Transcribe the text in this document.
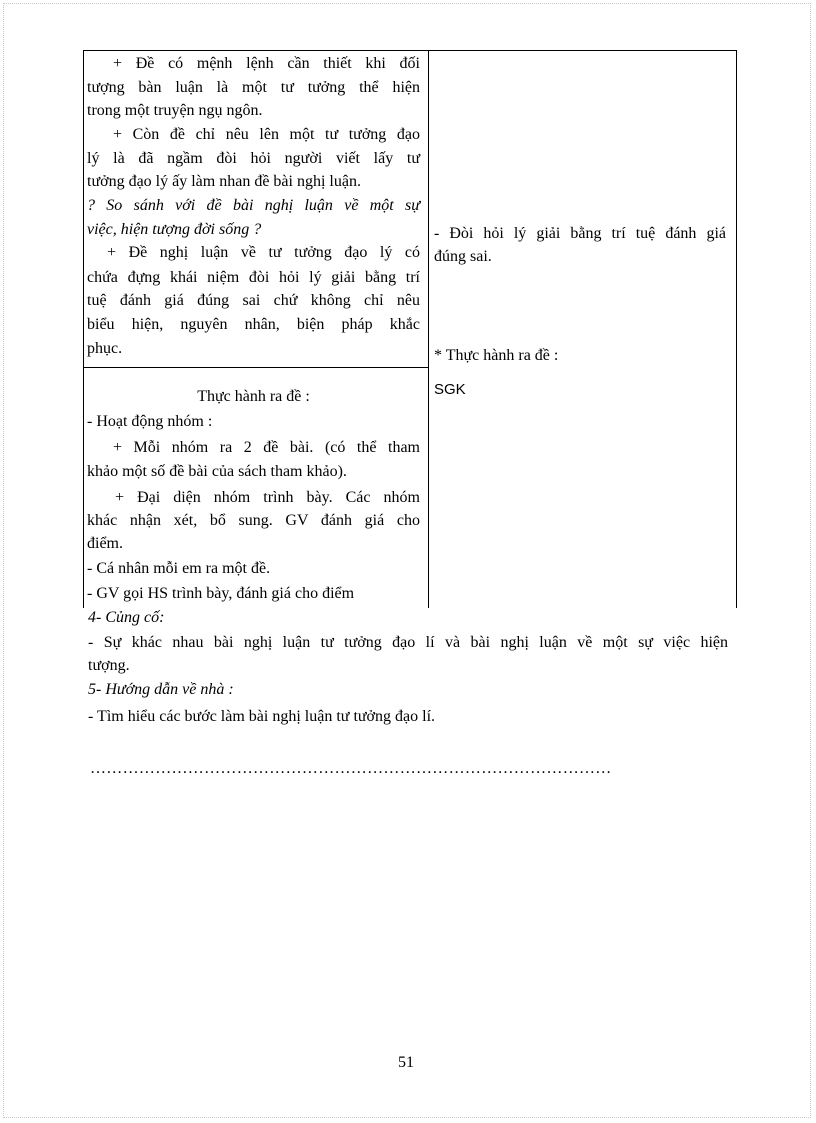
+ Đề có mệnh lệnh cần thiết khi đối
tượng bàn luận là một tư tưởng thể hiện
trong một truyện ngụ ngôn.
+ Còn đề chỉ nêu lên một tư tưởng đạo
lý là đã ngầm đòi hỏi người viết lấy tư
tưởng đạo lý ấy làm nhan đề bài nghị luận.
? So sánh với đề bài nghị luận về một sự
việc, hiện tượng đời sống ?
+ Đề nghị luận về tư tưởng đạo lý có
chứa đựng khái niệm đòi hỏi lý giải bằng trí
tuệ đánh giá đúng sai chứ không chỉ nêu
biểu hiện, nguyên nhân, biện pháp khắc
phục.
Thực hành ra đề :
- Hoạt động nhóm :
+ Mỗi nhóm ra 2 đề bài. (có thể tham
khảo một số đề bài của sách tham khảo).
+ Đại diện nhóm trình bày. Các nhóm
khác nhận xét, bổ sung. GV đánh giá cho
điểm.
- Cá nhân mỗi em ra một đề.
- GV gọi HS trình bày, đánh giá cho điểm
- Đòi hỏi lý giải bằng trí tuệ đánh giá
đúng sai.
* Thực hành ra đề :
SGK
4- Củng cố:
- Sự khác nhau bài nghị luận tư tưởng đạo lí và bài nghị luận về một sự việc hiện
tượng.
5- Hướng dẫn về nhà :
- Tìm hiểu các bước làm bài nghị luận tư tưởng đạo lí.
……………………………………………………………………………………
51
